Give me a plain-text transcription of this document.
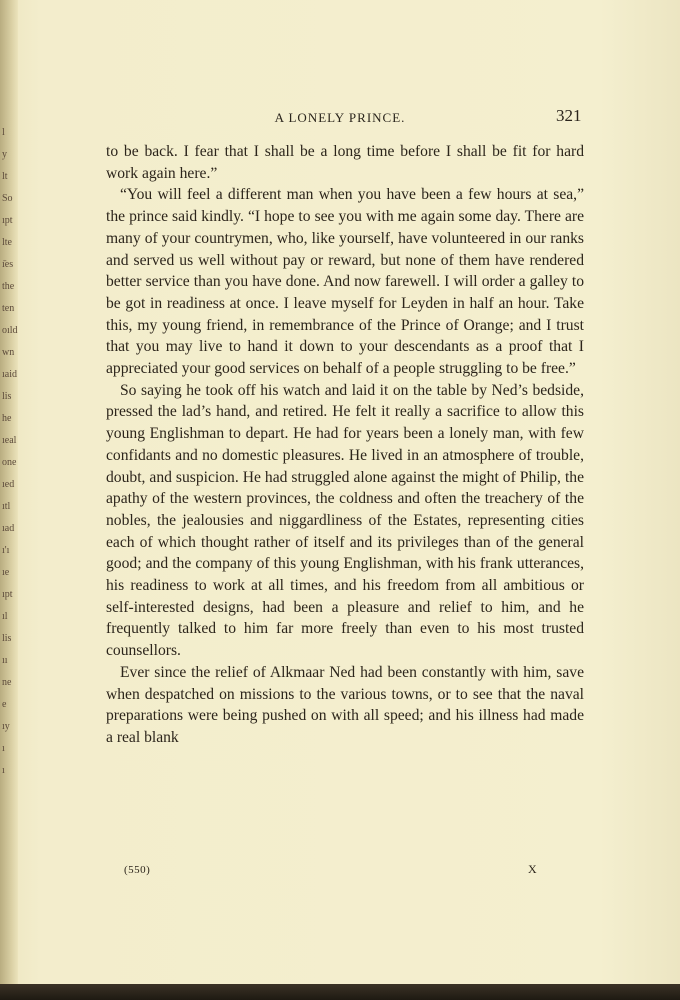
l
y
lt
So
ıpt
lte
ı̄es
the
ten
oıld
wn
ıaid
lis
he
ıeal
one
ıed
ıtl
ıad
ı'ı
ıe
ıpt
ıl
lis
ıı
ne
e
ıy
ı
ı
A LONELY PRINCE.	321

to be back. I fear that I shall be a long time before I shall be fit for hard work again here.”

“You will feel a different man when you have been a few hours at sea,” the prince said kindly. “I hope to see you with me again some day. There are many of your countrymen, who, like yourself, have volunteered in our ranks and served us well without pay or reward, but none of them have rendered better service than you have done. And now farewell. I will order a galley to be got in readiness at once. I leave myself for Leyden in half an hour. Take this, my young friend, in remembrance of the Prince of Orange; and I trust that you may live to hand it down to your descendants as a proof that I appreciated your good services on behalf of a people struggling to be free.”

So saying he took off his watch and laid it on the table by Ned’s bedside, pressed the lad’s hand, and retired. He felt it really a sacrifice to allow this young Englishman to depart. He had for years been a lonely man, with few confidants and no domestic pleasures. He lived in an atmosphere of trouble, doubt, and suspicion. He had struggled alone against the might of Philip, the apathy of the western provinces, the coldness and often the treachery of the nobles, the jealousies and niggardliness of the Estates, representing cities each of which thought rather of itself and its privileges than of the general good; and the company of this young Englishman, with his frank utterances, his readiness to work at all times, and his freedom from all ambitious or self-interested designs, had been a pleasure and relief to him, and he frequently talked to him far more freely than even to his most trusted counsellors.

Ever since the relief of Alkmaar Ned had been constantly with him, save when despatched on missions to the various towns, or to see that the naval preparations were being pushed on with all speed; and his illness had made a real blank

(550)	X
